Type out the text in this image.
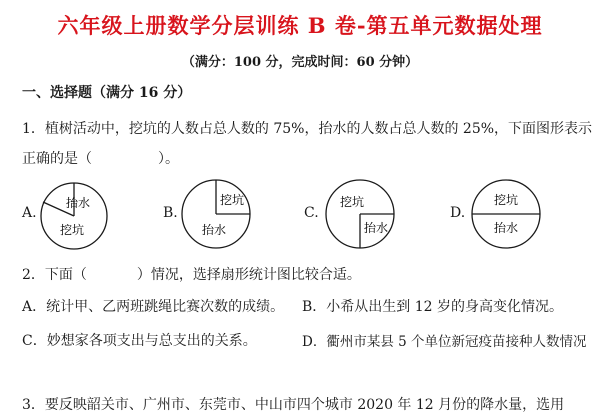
六年级上册数学分层训练 B 卷-第五单元数据处理
（满分：100 分，完成时间：60 分钟）
一、选择题（满分 16 分）
1．植树活动中，挖坑的人数占总人数的 75%，抬水的人数占总人数的 25%，下面图形表示
正确的是（	）。
A.
抬水
挖坑
B.
挖坑
抬水
C.
挖坑
抬水
D.
挖坑
抬水
2．下面（	）情况，选择扇形统计图比较合适。
A．统计甲、乙两班跳绳比赛次数的成绩。 B．小希从出生到 12 岁的身高变化情况。
C．妙想家各项支出与总支出的关系。	D．衢州市某县 5 个单位新冠疫苗接种人数情况
3．要反映韶关市、广州市、东莞市、中山市四个城市 2020 年 12 月份的降水量，选用
